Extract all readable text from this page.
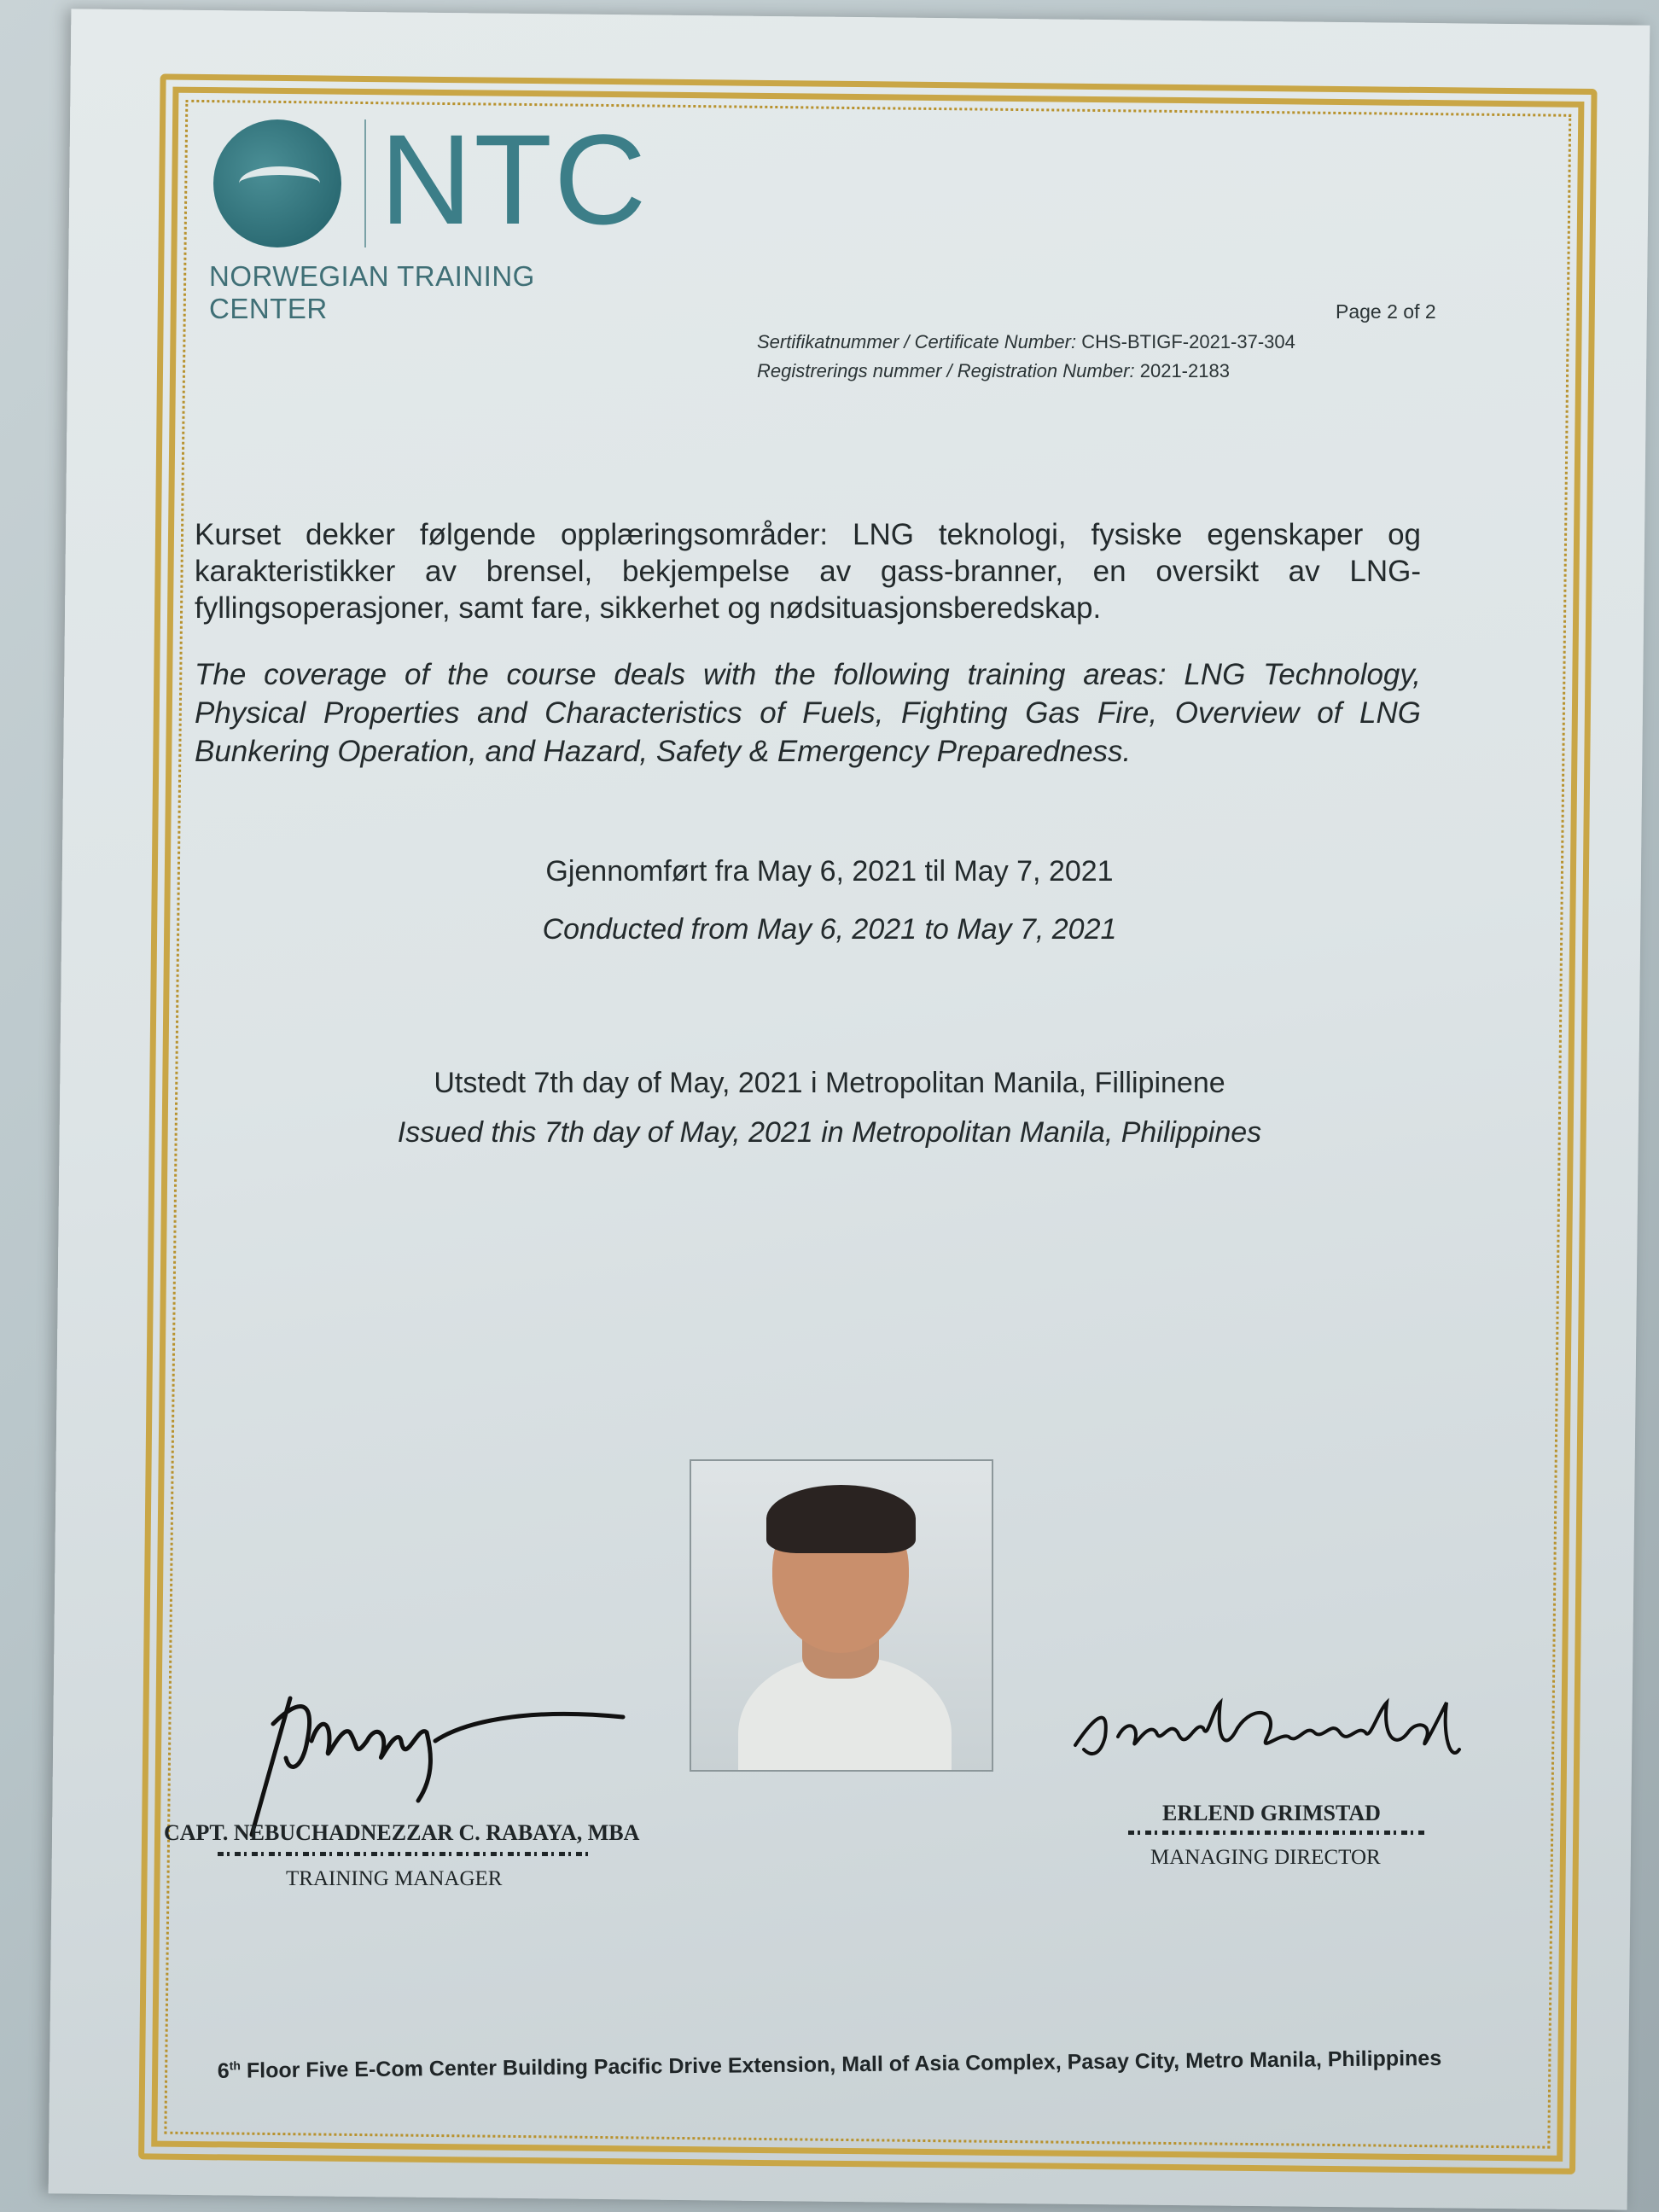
NTC
NORWEGIAN TRAINING CENTER	Page 2 of 2
Sertifikatnummer / Certificate Number: CHS-BTIGF-2021-37-304
Registrerings nummer / Registration Number: 2021-2183
Kurset dekker følgende opplæringsområder: LNG teknologi, fysiske egenskaper og karakteristikker av brensel, bekjempelse av gass-branner, en oversikt av LNG-fyllingsoperasjoner, samt fare, sikkerhet og nødsituasjonsberedskap.
The coverage of the course deals with the following training areas: LNG Technology, Physical Properties and Characteristics of Fuels, Fighting Gas Fire, Overview of LNG Bunkering Operation, and Hazard, Safety & Emergency Preparedness.
Gjennomført fra May 6, 2021 til May 7, 2021
Conducted from May 6, 2021 to May 7, 2021
Utstedt 7th day of May, 2021 i Metropolitan Manila, Fillipinene
Issued this 7th day of May, 2021 in Metropolitan Manila, Philippines
CAPT. NEBUCHADNEZZAR C. RABAYA, MBA
TRAINING MANAGER
ERLEND GRIMSTAD
MANAGING DIRECTOR
6th Floor Five E-Com Center Building Pacific Drive Extension, Mall of Asia Complex, Pasay City, Metro Manila, Philippines
